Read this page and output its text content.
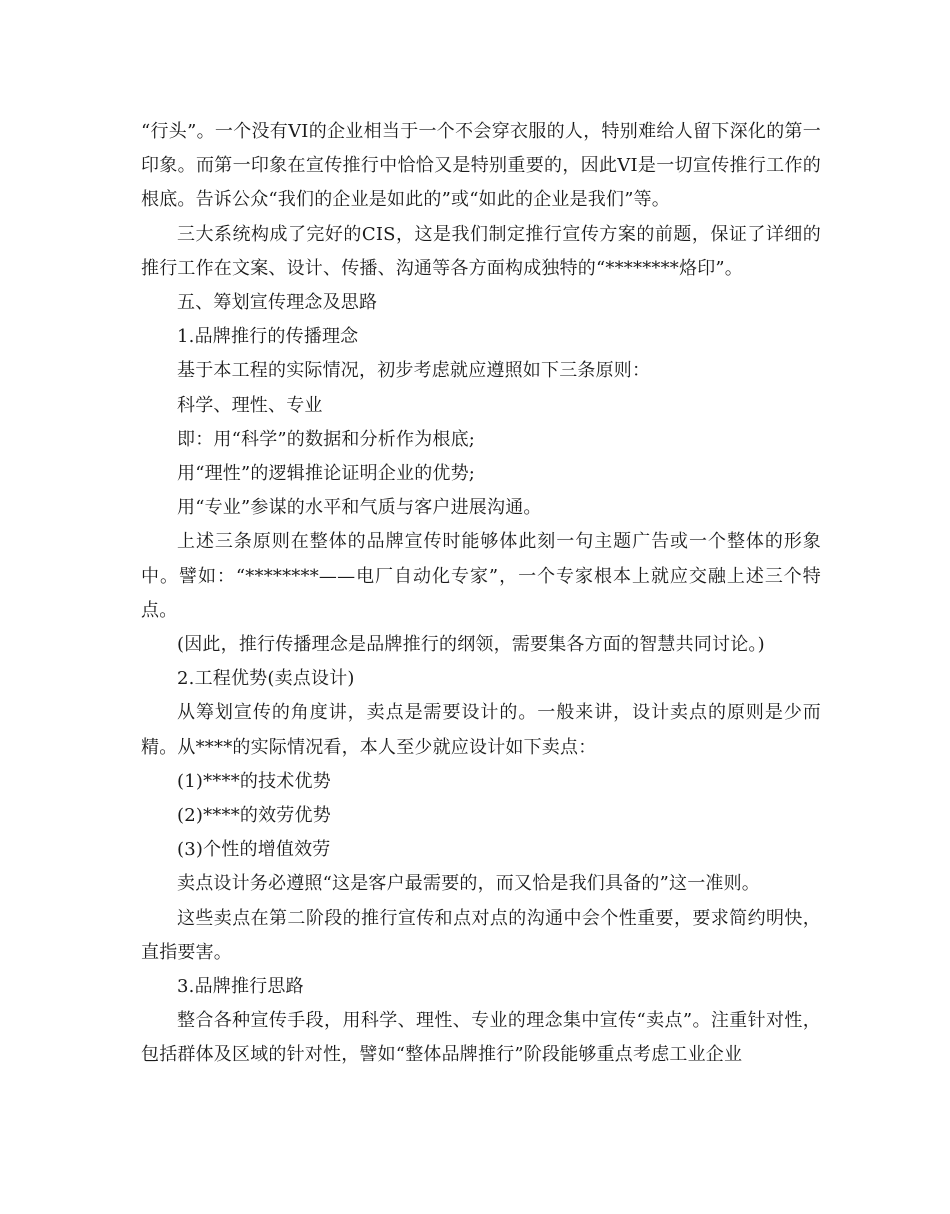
“行头”。一个没有VI的企业相当于一个不会穿衣服的人，特别难给人留下深化的第一印象。而第一印象在宣传推行中恰恰又是特别重要的，因此VI是一切宣传推行工作的根底。告诉公众“我们的企业是如此的”或“如此的企业是我们”等。

三大系统构成了完好的CIS，这是我们制定推行宣传方案的前题，保证了详细的推行工作在文案、设计、传播、沟通等各方面构成独特的“********烙印”。

五、筹划宣传理念及思路

1.品牌推行的传播理念

基于本工程的实际情况，初步考虑就应遵照如下三条原则：

科学、理性、专业

即：用“科学”的数据和分析作为根底;

用“理性”的逻辑推论证明企业的优势;

用“专业”参谋的水平和气质与客户进展沟通。

上述三条原则在整体的品牌宣传时能够体此刻一句主题广告或一个整体的形象中。譬如：“********——电厂自动化专家”，一个专家根本上就应交融上述三个特点。

(因此，推行传播理念是品牌推行的纲领，需要集各方面的智慧共同讨论。)

2.工程优势(卖点设计)

从筹划宣传的角度讲，卖点是需要设计的。一般来讲，设计卖点的原则是少而精。从****的实际情况看，本人至少就应设计如下卖点：

(1)****的技术优势

(2)****的效劳优势

(3)个性的增值效劳

卖点设计务必遵照“这是客户最需要的，而又恰是我们具备的”这一准则。

这些卖点在第二阶段的推行宣传和点对点的沟通中会个性重要，要求简约明快，直指要害。

3.品牌推行思路

整合各种宣传手段，用科学、理性、专业的理念集中宣传“卖点”。注重针对性，包括群体及区域的针对性，譬如“整体品牌推行”阶段能够重点考虑工业企业
